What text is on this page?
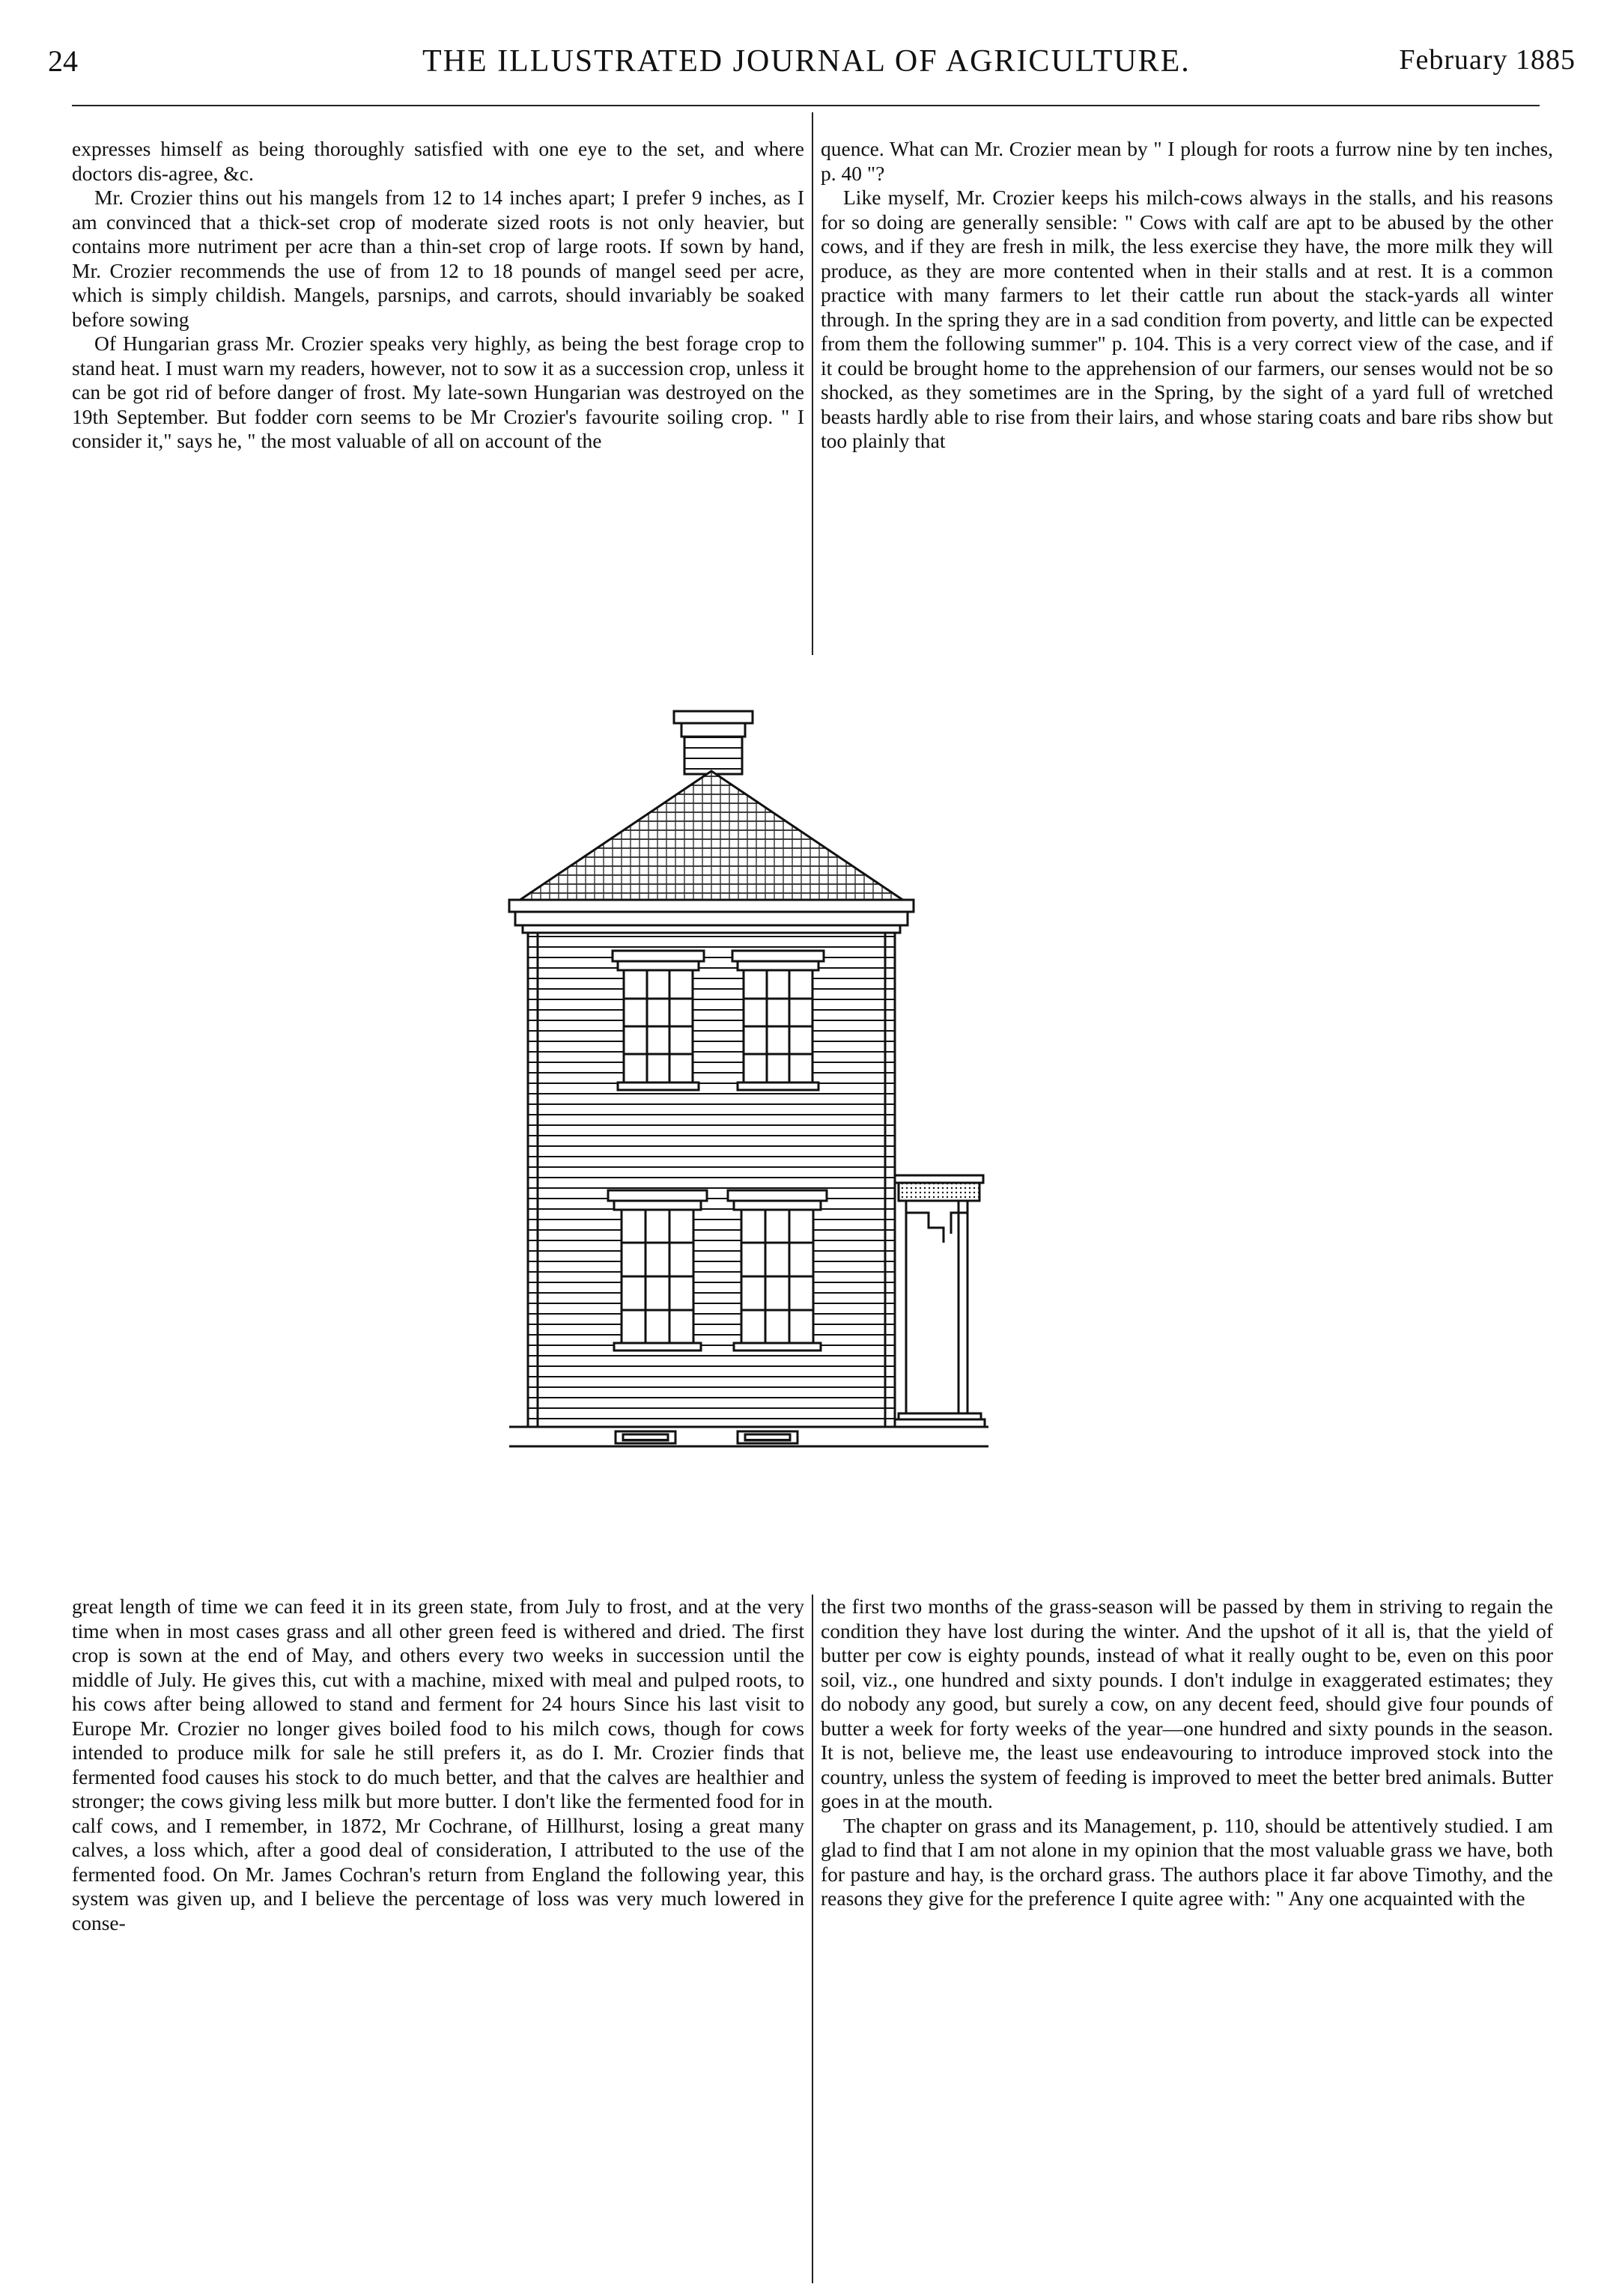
24	THE ILLUSTRATED JOURNAL OF AGRICULTURE.	February 1885

expresses himself as being thoroughly satisfied with one eye to the set, and where doctors dis-agree, &c.

Mr. Crozier thins out his mangels from 12 to 14 inches apart; I prefer 9 inches, as I am convinced that a thick-set crop of moderate sized roots is not only heavier, but contains more nutriment per acre than a thin-set crop of large roots. If sown by hand, Mr. Crozier recommends the use of from 12 to 18 pounds of mangel seed per acre, which is simply childish. Mangels, parsnips, and carrots, should invariably be soaked before sowing

Of Hungarian grass Mr. Crozier speaks very highly, as being the best forage crop to stand heat. I must warn my readers, however, not to sow it as a succession crop, unless it can be got rid of before danger of frost. My late-sown Hungarian was destroyed on the 19th September. But fodder corn seems to be Mr Crozier's favourite soiling crop. " I consider it," says he, " the most valuable of all on account of the

quence. What can Mr. Crozier mean by " I plough for roots a furrow nine by ten inches, p. 40 "?

Like myself, Mr. Crozier keeps his milch-cows always in the stalls, and his reasons for so doing are generally sensible: " Cows with calf are apt to be abused by the other cows, and if they are fresh in milk, the less exercise they have, the more milk they will produce, as they are more contented when in their stalls and at rest. It is a common practice with many farmers to let their cattle run about the stack-yards all winter through. In the spring they are in a sad condition from poverty, and little can be expected from them the following summer" p. 104. This is a very correct view of the case, and if it could be brought home to the apprehension of our farmers, our senses would not be so shocked, as they sometimes are in the Spring, by the sight of a yard full of wretched beasts hardly able to rise from their lairs, and whose staring coats and bare ribs show but too plainly that

great length of time we can feed it in its green state, from July to frost, and at the very time when in most cases grass and all other green feed is withered and dried. The first crop is sown at the end of May, and others every two weeks in succession until the middle of July. He gives this, cut with a machine, mixed with meal and pulped roots, to his cows after being allowed to stand and ferment for 24 hours Since his last visit to Europe Mr. Crozier no longer gives boiled food to his milch cows, though for cows intended to produce milk for sale he still prefers it, as do I. Mr. Crozier finds that fermented food causes his stock to do much better, and that the calves are healthier and stronger; the cows giving less milk but more butter. I don't like the fermented food for in calf cows, and I remember, in 1872, Mr Cochrane, of Hillhurst, losing a great many calves, a loss which, after a good deal of consideration, I attributed to the use of the fermented food. On Mr. James Cochran's return from England the following year, this system was given up, and I believe the percentage of loss was very much lowered in conse-

the first two months of the grass-season will be passed by them in striving to regain the condition they have lost during the winter. And the upshot of it all is, that the yield of butter per cow is eighty pounds, instead of what it really ought to be, even on this poor soil, viz., one hundred and sixty pounds. I don't indulge in exaggerated estimates; they do nobody any good, but surely a cow, on any decent feed, should give four pounds of butter a week for forty weeks of the year—one hundred and sixty pounds in the season. It is not, believe me, the least use endeavouring to introduce improved stock into the country, unless the system of feeding is improved to meet the better bred animals. Butter goes in at the mouth.

The chapter on grass and its Management, p. 110, should be attentively studied. I am glad to find that I am not alone in my opinion that the most valuable grass we have, both for pasture and hay, is the orchard grass. The authors place it far above Timothy, and the reasons they give for the preference I quite agree with: " Any one acquainted with the
